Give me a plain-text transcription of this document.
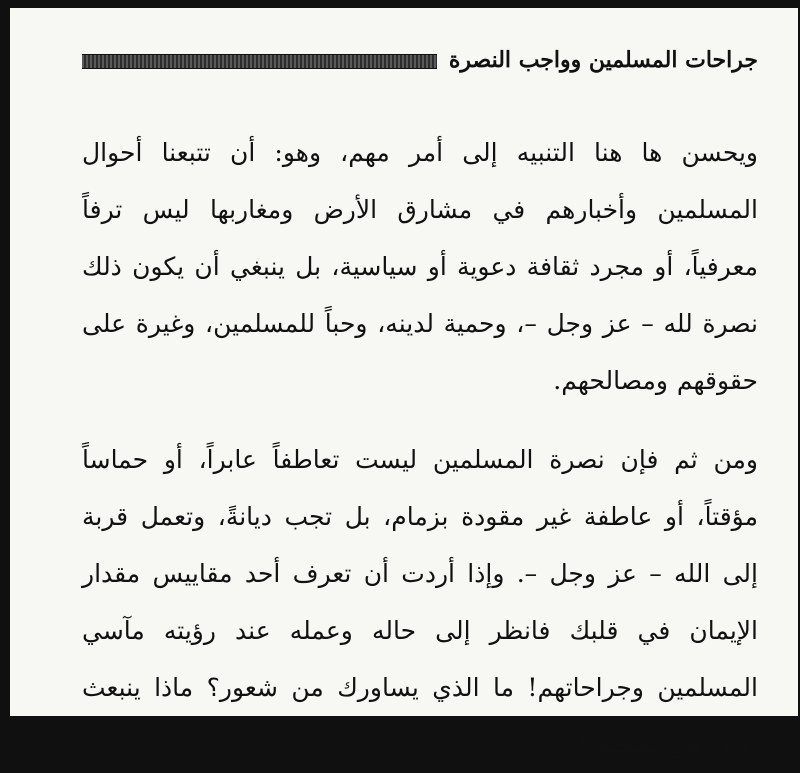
جراحات المسلمين وواجب النصرة

ويحسن ها هنا التنبيه إلى أمر مهم، وهو: أن تتبعنا أحوال المسلمين وأخبارهم في مشارق الأرض ومغاربها ليس ترفاً معرفياً، أو مجرد ثقافة دعوية أو سياسية، بل ينبغي أن يكون ذلك نصرة لله – عز وجل –، وحمية لدينه، وحباً للمسلمين، وغيرة على حقوقهم ومصالحهم.

ومن ثم فإن نصرة المسلمين ليست تعاطفاً عابراً، أو حماساً مؤقتاً، أو عاطفة غير مقودة بزمام، بل تجب ديانةً، وتعمل قربة إلى الله – عز وجل –. وإذا أردت أن تعرف أحد مقاييس مقدار الإيمان في قلبك فانظر إلى حاله وعمله عند رؤيته مآسي المسلمين وجراحاتهم! ما الذي يساورك من شعور؟ ماذا ينبعث لديك من تضحية؟
